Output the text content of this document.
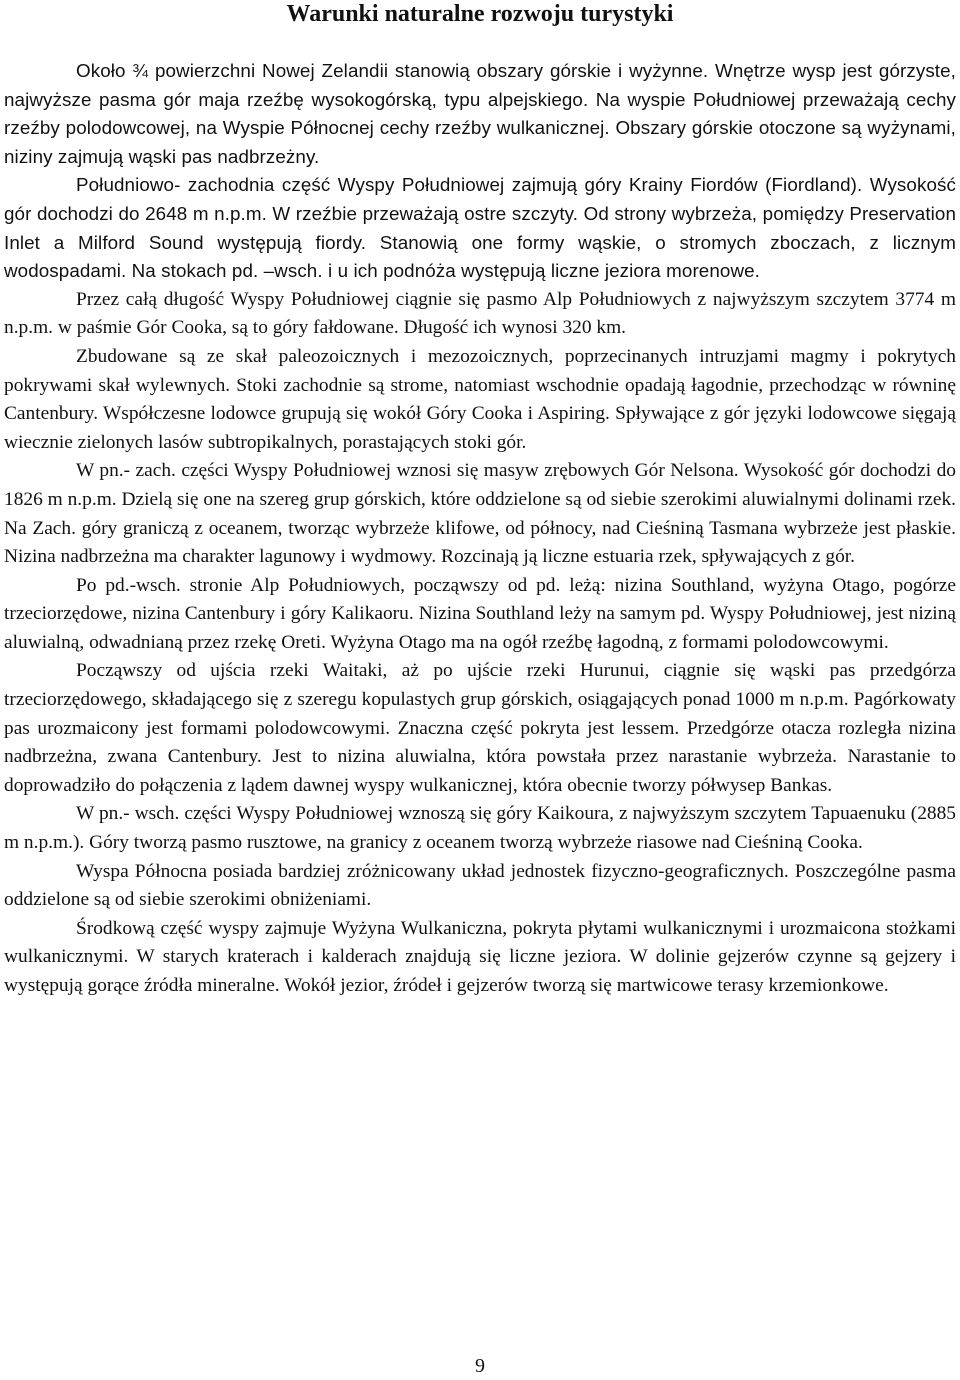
Warunki naturalne rozwoju turystyki

Około ¾ powierzchni Nowej Zelandii stanowią obszary górskie i wyżynne. Wnętrze wysp jest górzyste, najwyższe pasma gór maja rzeźbę wysokogórską, typu alpejskiego. Na wyspie Południowej przeważają cechy rzeźby polodowcowej, na Wyspie Północnej cechy rzeźby wulkanicznej. Obszary górskie otoczone są wyżynami, niziny zajmują wąski pas nadbrzeżny.

Południowo- zachodnia część Wyspy Południowej zajmują góry Krainy Fiordów (Fiordland). Wysokość gór dochodzi do 2648 m n.p.m. W rzeźbie przeważają ostre szczyty. Od strony wybrzeża, pomiędzy Preservation Inlet a Milford Sound występują fiordy. Stanowią one formy wąskie, o stromych zboczach, z licznym wodospadami. Na stokach pd. –wsch. i u ich podnóża występują liczne jeziora morenowe.

Przez całą długość Wyspy Południowej ciągnie się pasmo Alp Południowych z najwyższym szczytem 3774 m n.p.m. w paśmie Gór Cooka, są to góry fałdowane. Długość ich wynosi 320 km.

Zbudowane są ze skał paleozoicznych i mezozoicznych, poprzecinanych intruzjami magmy i pokrytych pokrywami skał wylewnych. Stoki zachodnie są strome, natomiast wschodnie opadają łagodnie, przechodząc w równinę Cantenbury. Współczesne lodowce grupują się wokół Góry Cooka i Aspiring. Spływające z gór języki lodowcowe sięgają wiecznie zielonych lasów subtropikalnych, porastających stoki gór.

W pn.- zach. części Wyspy Południowej wznosi się masyw zrębowych Gór Nelsona. Wysokość gór dochodzi do 1826 m n.p.m. Dzielą się one na szereg grup górskich, które oddzielone są od siebie szerokimi aluwialnymi dolinami rzek. Na Zach. góry graniczą z oceanem, tworząc wybrzeże klifowe, od północy, nad Cieśniną Tasmana wybrzeże jest płaskie. Nizina nadbrzeżna ma charakter lagunowy i wydmowy. Rozcinają ją liczne estuaria rzek, spływających z gór.

Po pd.-wsch. stronie Alp Południowych, począwszy od pd. leżą: nizina Southland, wyżyna Otago, pogórze trzeciorzędowe, nizina Cantenbury i góry Kalikaoru. Nizina Southland leży na samym pd. Wyspy Południowej, jest niziną aluwialną, odwadnianą przez rzekę Oreti. Wyżyna Otago ma na ogół rzeźbę łagodną, z formami polodowcowymi.

Począwszy od ujścia rzeki Waitaki, aż po ujście rzeki Hurunui, ciągnie się wąski pas przedgórza trzeciorzędowego, składającego się z szeregu kopulastych grup górskich, osiągających ponad 1000 m n.p.m. Pagórkowaty pas urozmaicony jest formami polodowcowymi. Znaczna część pokryta jest lessem. Przedgórze otacza rozległa nizina nadbrzeżna, zwana Cantenbury. Jest to nizina aluwialna, która powstała przez narastanie wybrzeża. Narastanie to doprowadziło do połączenia z lądem dawnej wyspy wulkanicznej, która obecnie tworzy półwysep Bankas.

W pn.- wsch. części Wyspy Południowej wznoszą się góry Kaikoura, z najwyższym szczytem Tapuaenuku (2885 m n.p.m.). Góry tworzą pasmo rusztowe, na granicy z oceanem tworzą wybrzeże riasowe nad Cieśniną Cooka.

Wyspa Północna posiada bardziej zróżnicowany układ jednostek fizyczno-geograficznych. Poszczególne pasma oddzielone są od siebie szerokimi obniżeniami.

Środkową część wyspy zajmuje Wyżyna Wulkaniczna, pokryta płytami wulkanicznymi i urozmaicona stożkami wulkanicznymi. W starych kraterach i kalderach znajdują się liczne jeziora. W dolinie gejzerów czynne są gejzery i występują gorące źródła mineralne. Wokół jezior, źródeł i gejzerów tworzą się martwicowe terasy krzemionkowe.

9
